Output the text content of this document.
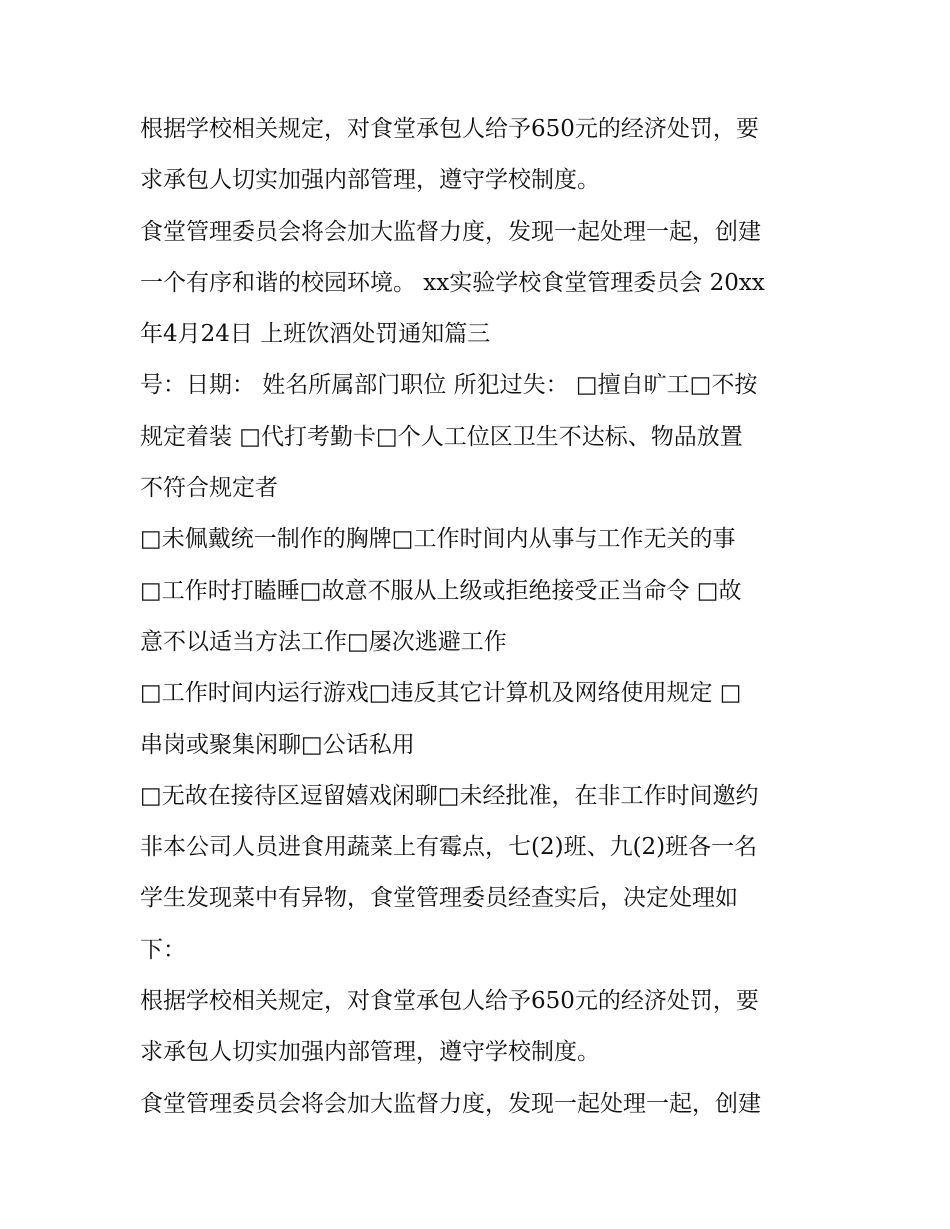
根据学校相关规定，对食堂承包人给予650元的经济处罚，要
求承包人切实加强内部管理，遵守学校制度。
食堂管理委员会将会加大监督力度，发现一起处理一起，创建
一个有序和谐的校园环境。 xx实验学校食堂管理委员会 20xx
年4月24日 上班饮酒处罚通知篇三
号：日期： 姓名所属部门职位 所犯过失： □擅自旷工□不按
规定着装 □代打考勤卡□个人工位区卫生不达标、物品放置
不符合规定者
□未佩戴统一制作的胸牌□工作时间内从事与工作无关的事
□工作时打瞌睡□故意不服从上级或拒绝接受正当命令 □故
意不以适当方法工作□屡次逃避工作
□工作时间内运行游戏□违反其它计算机及网络使用规定 □
串岗或聚集闲聊□公话私用
□无故在接待区逗留嬉戏闲聊□未经批准，在非工作时间邀约
非本公司人员进食用蔬菜上有霉点，七(2)班、九(2)班各一名
学生发现菜中有异物，食堂管理委员经查实后，决定处理如
下：
根据学校相关规定，对食堂承包人给予650元的经济处罚，要
求承包人切实加强内部管理，遵守学校制度。
食堂管理委员会将会加大监督力度，发现一起处理一起，创建
